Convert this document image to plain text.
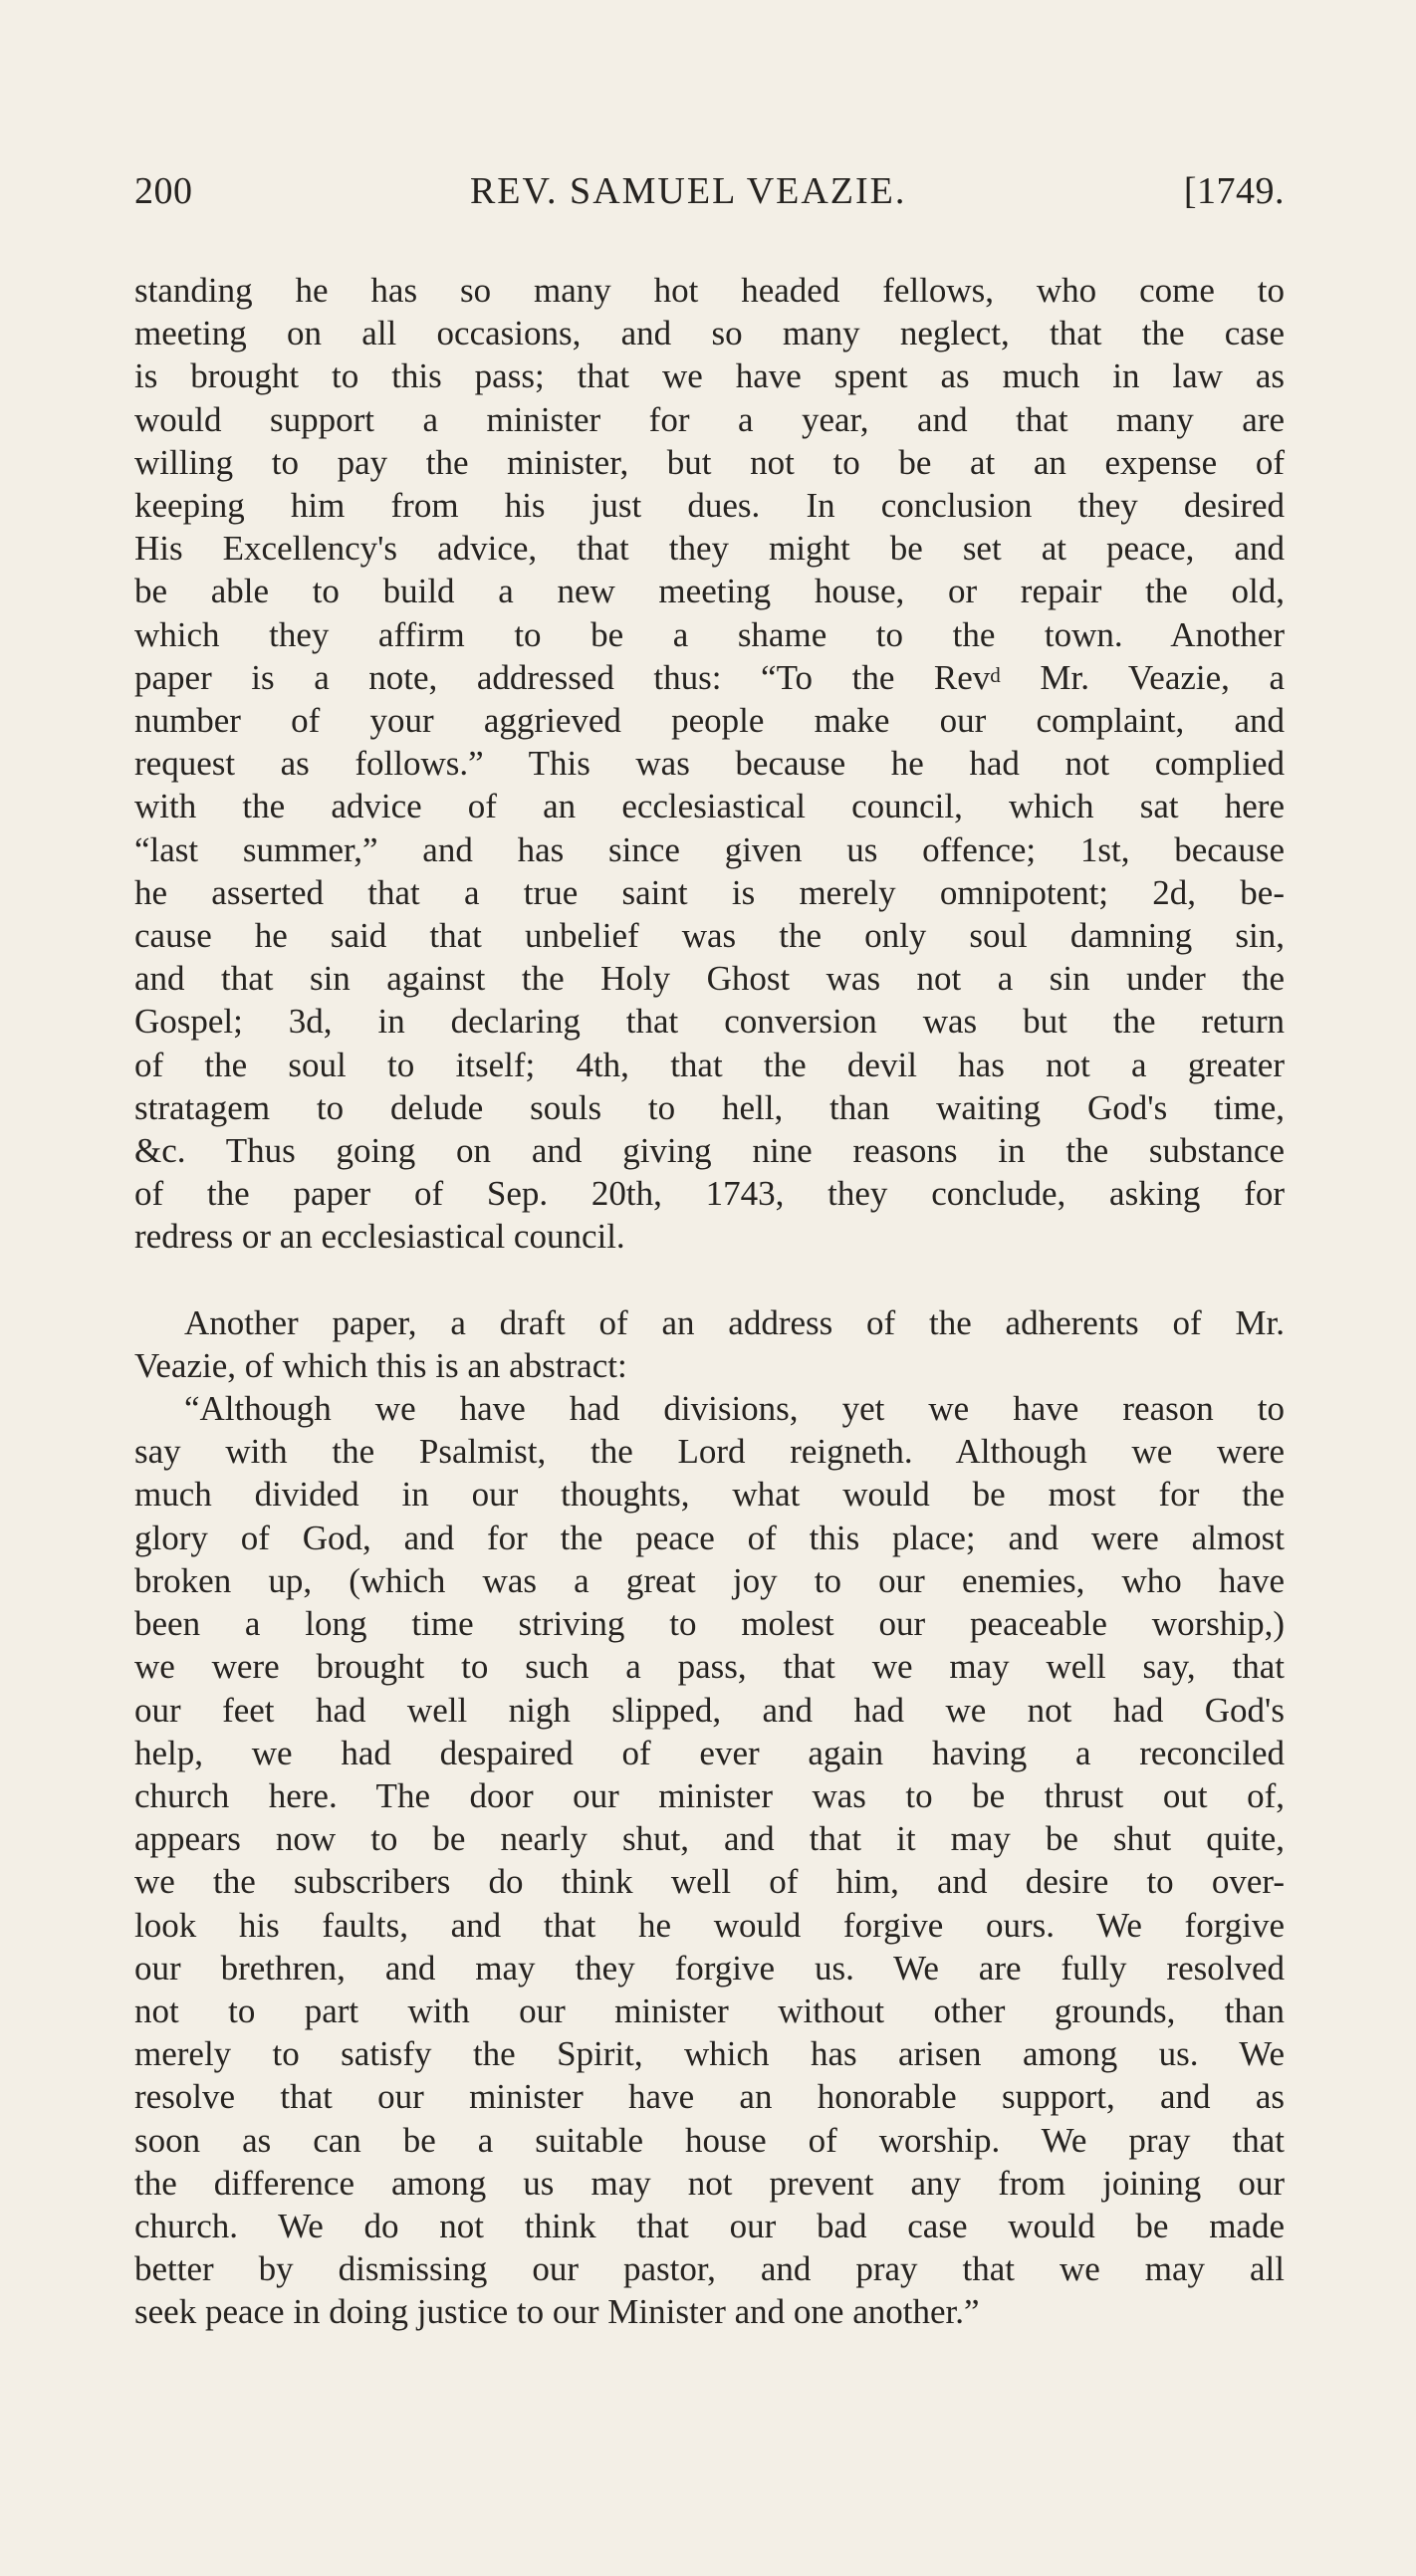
200	REV. SAMUEL VEAZIE.	[1749.
standing he has so many hot headed fellows, who come to
meeting on all occasions, and so many neglect, that the case
is brought to this pass; that we have spent as much in law as
would support a minister for a year, and that many are
willing to pay the minister, but not to be at an expense of
keeping him from his just dues. In conclusion they desired
His Excellency's advice, that they might be set at peace, and
be able to build a new meeting house, or repair the old,
which they affirm to be a shame to the town. Another
paper is a note, addressed thus: “To the Rev$^d$ Mr. Veazie, a
number of your aggrieved people make our complaint, and
request as follows.” This was because he had not complied
with the advice of an ecclesiastical council, which sat here
“last summer,” and has since given us offence; 1st, because
he asserted that a true saint is merely omnipotent; 2d, be-
cause he said that unbelief was the only soul damning sin,
and that sin against the Holy Ghost was not a sin under the
Gospel; 3d, in declaring that conversion was but the return
of the soul to itself; 4th, that the devil has not a greater
stratagem to delude souls to hell, than waiting God's time,
&c. Thus going on and giving nine reasons in the substance
of the paper of Sep. 20th, 1743, they conclude, asking for
redress or an ecclesiastical council.
Another paper, a draft of an address of the adherents of Mr.
Veazie, of which this is an abstract:
“Although we have had divisions, yet we have reason to
say with the Psalmist, the Lord reigneth. Although we were
much divided in our thoughts, what would be most for the
glory of God, and for the peace of this place; and were almost
broken up, (which was a great joy to our enemies, who have
been a long time striving to molest our peaceable worship,)
we were brought to such a pass, that we may well say, that
our feet had well nigh slipped, and had we not had God's
help, we had despaired of ever again having a reconciled
church here. The door our minister was to be thrust out of,
appears now to be nearly shut, and that it may be shut quite,
we the subscribers do think well of him, and desire to over-
look his faults, and that he would forgive ours. We forgive
our brethren, and may they forgive us. We are fully resolved
not to part with our minister without other grounds, than
merely to satisfy the Spirit, which has arisen among us. We
resolve that our minister have an honorable support, and as
soon as can be a suitable house of worship. We pray that
the difference among us may not prevent any from joining our
church. We do not think that our bad case would be made
better by dismissing our pastor, and pray that we may all
seek peace in doing justice to our Minister and one another.”
